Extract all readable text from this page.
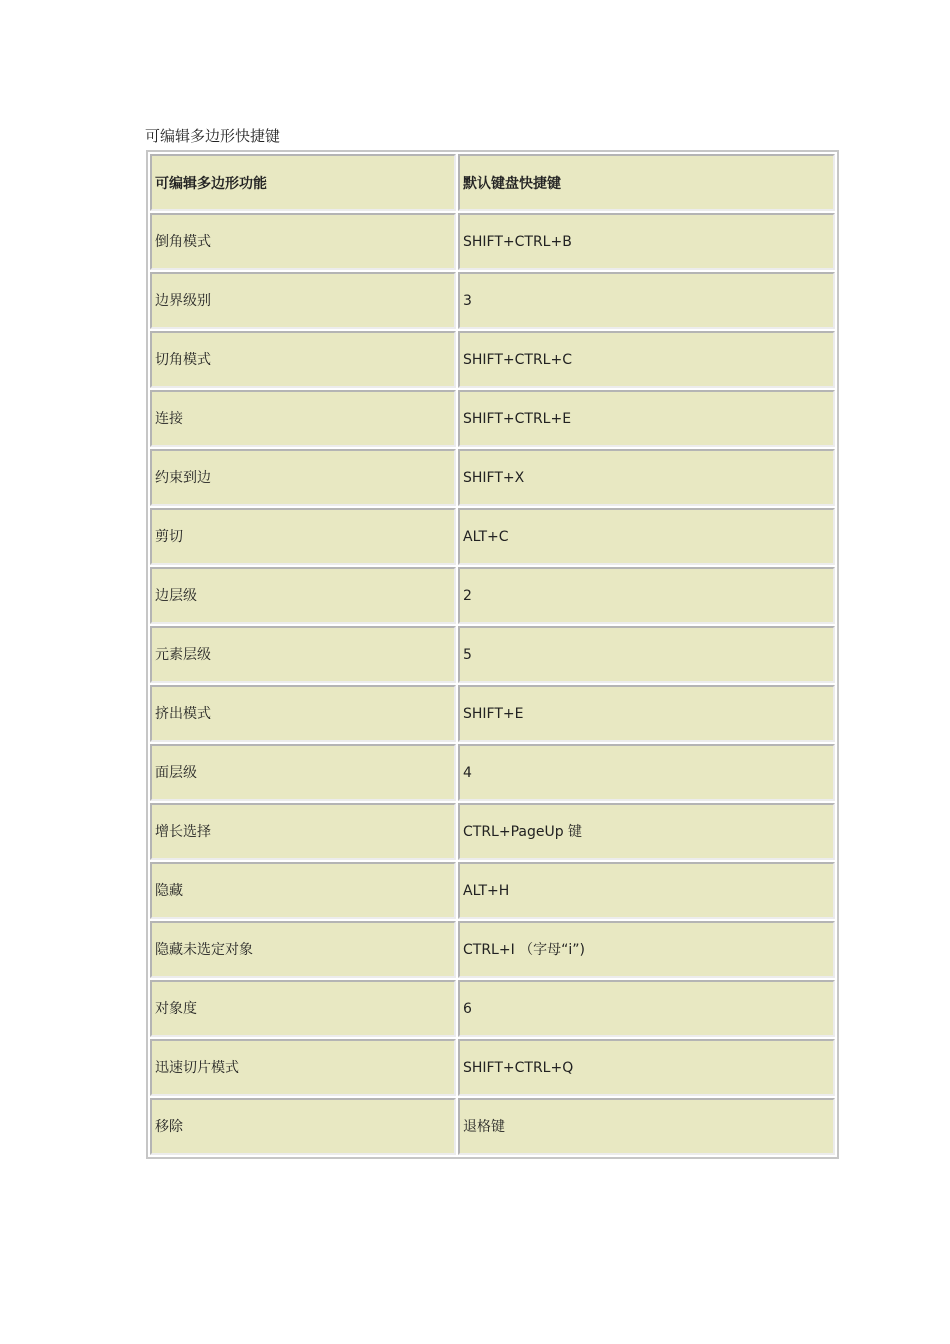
可编辑多边形快捷键
可编辑多边形功能	默认键盘快捷键
倒角模式	SHIFT+CTRL+B
边界级别	3
切角模式	SHIFT+CTRL+C
连接	SHIFT+CTRL+E
约束到边	SHIFT+X
剪切	ALT+C
边层级	2
元素层级	5
挤出模式	SHIFT+E
面层级	4
增长选择	CTRL+PageUp 键
隐藏	ALT+H
隐藏未选定对象	CTRL+I （字母“i”)
对象度	6
迅速切片模式	SHIFT+CTRL+Q
移除	退格键
